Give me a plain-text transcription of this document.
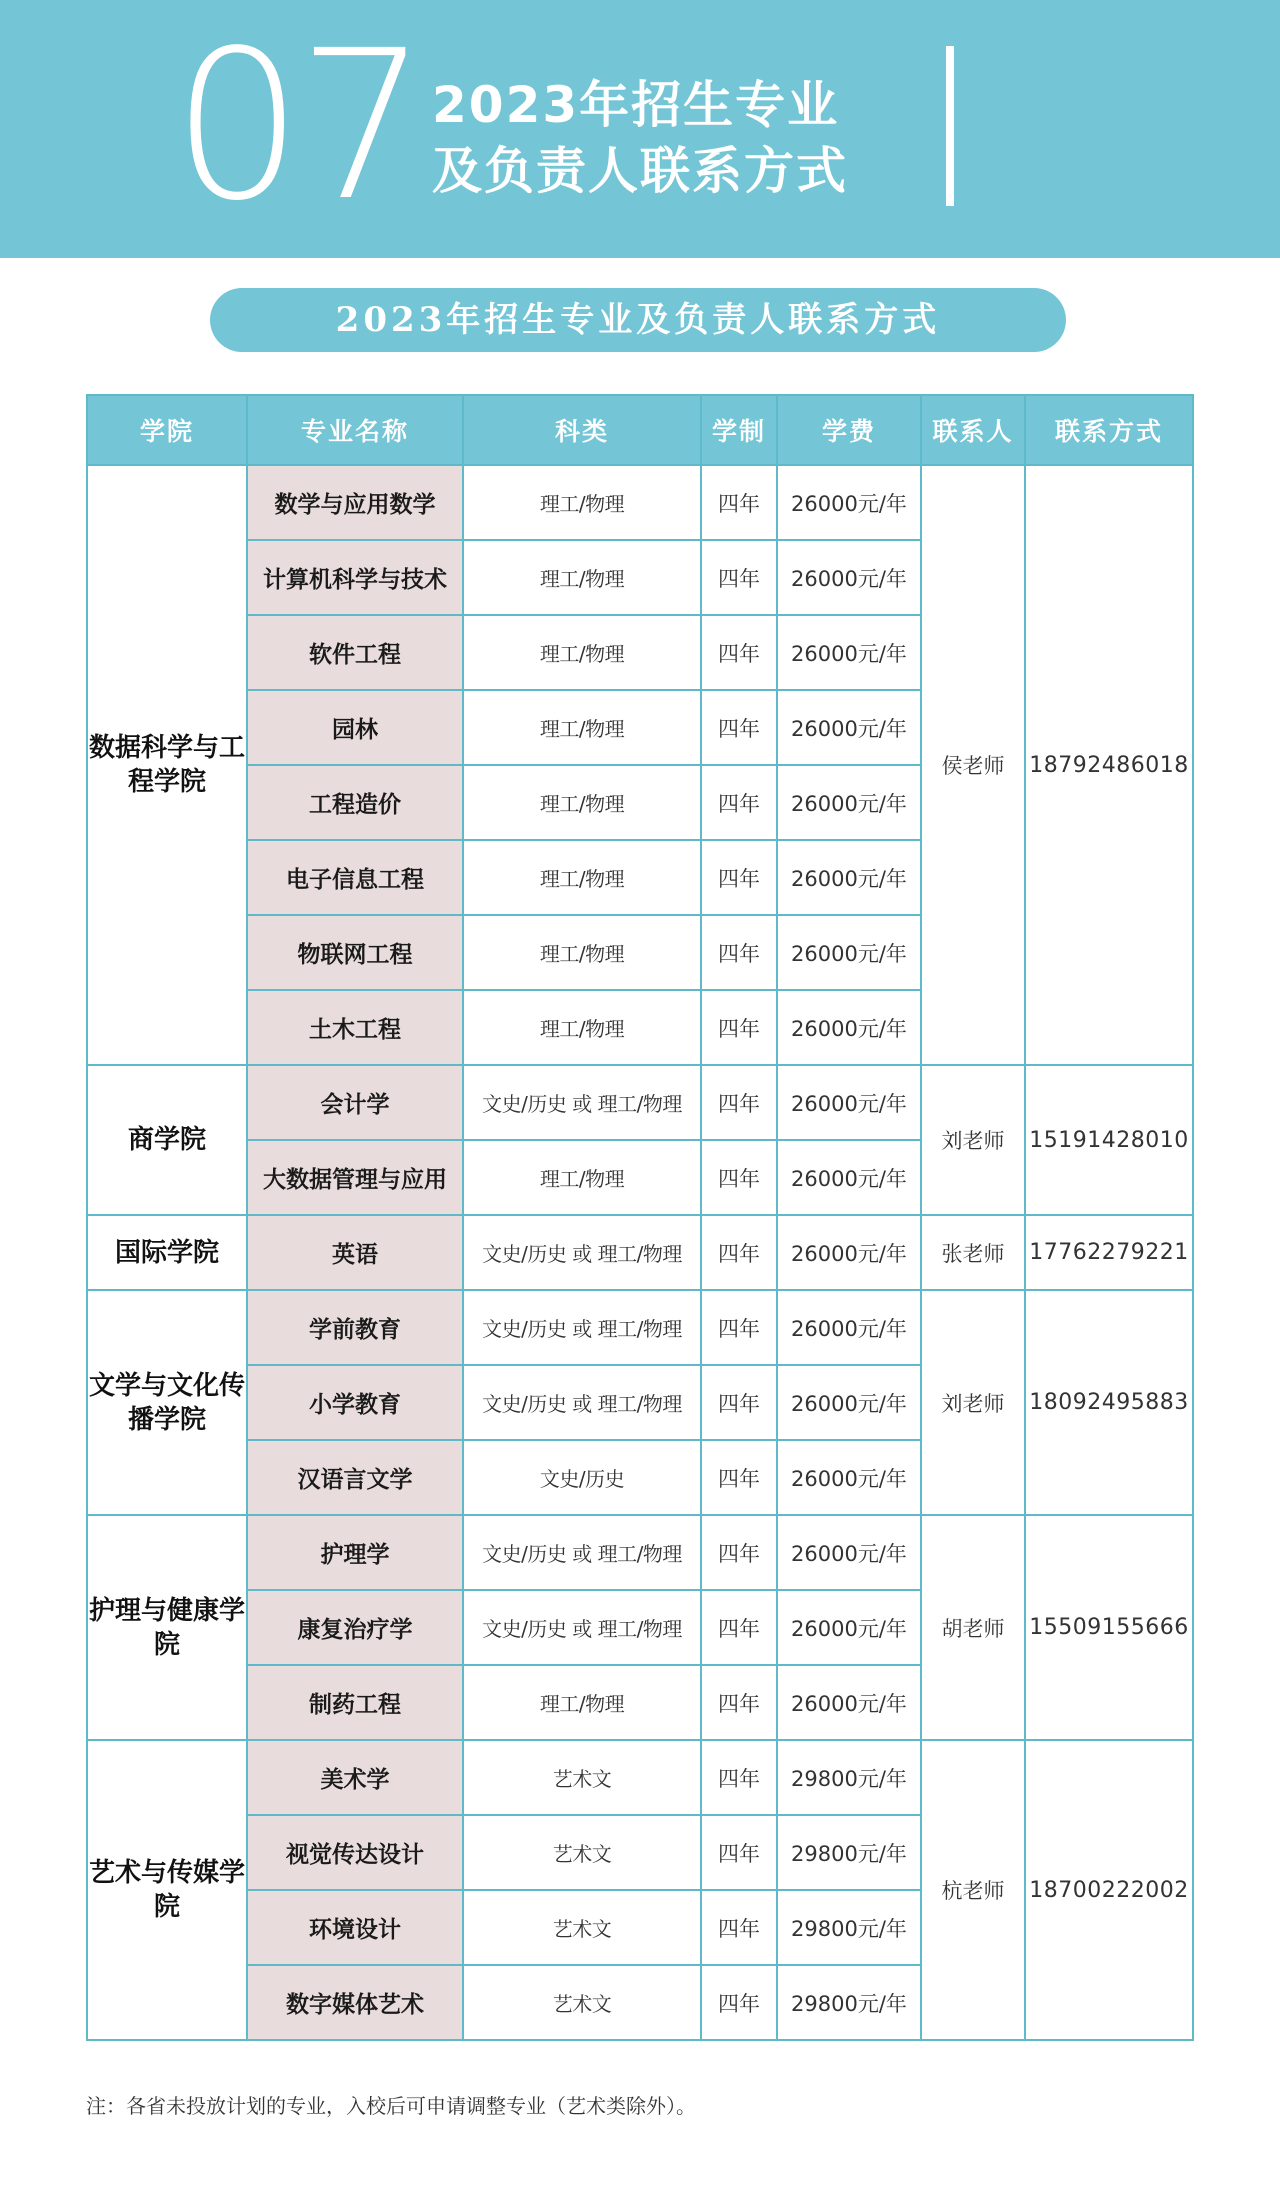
07 2023年招生专业
及负责人联系方式
2023年招生专业及负责人联系方式
学院	专业名称	科类	学制	学费	联系人	联系方式
数据科学与工程学院	数学与应用数学	理工/物理	四年	26000元/年	侯老师	18792486018
	计算机科学与技术	理工/物理	四年	26000元/年		
	软件工程	理工/物理	四年	26000元/年		
	园林	理工/物理	四年	26000元/年		
	工程造价	理工/物理	四年	26000元/年		
	电子信息工程	理工/物理	四年	26000元/年		
	物联网工程	理工/物理	四年	26000元/年		
	土木工程	理工/物理	四年	26000元/年		
商学院	会计学	文史/历史 或 理工/物理	四年	26000元/年	刘老师	15191428010
	大数据管理与应用	理工/物理	四年	26000元/年		
国际学院	英语	文史/历史 或 理工/物理	四年	26000元/年	张老师	17762279221
文学与文化传播学院	学前教育	文史/历史 或 理工/物理	四年	26000元/年	刘老师	18092495883
	小学教育	文史/历史 或 理工/物理	四年	26000元/年		
	汉语言文学	文史/历史	四年	26000元/年		
护理与健康学院	护理学	文史/历史 或 理工/物理	四年	26000元/年	胡老师	15509155666
	康复治疗学	文史/历史 或 理工/物理	四年	26000元/年		
	制药工程	理工/物理	四年	26000元/年		
艺术与传媒学院	美术学	艺术文	四年	29800元/年	杭老师	18700222002
	视觉传达设计	艺术文	四年	29800元/年		
	环境设计	艺术文	四年	29800元/年		
	数字媒体艺术	艺术文	四年	29800元/年		
注：各省未投放计划的专业，入校后可申请调整专业（艺术类除外）。
